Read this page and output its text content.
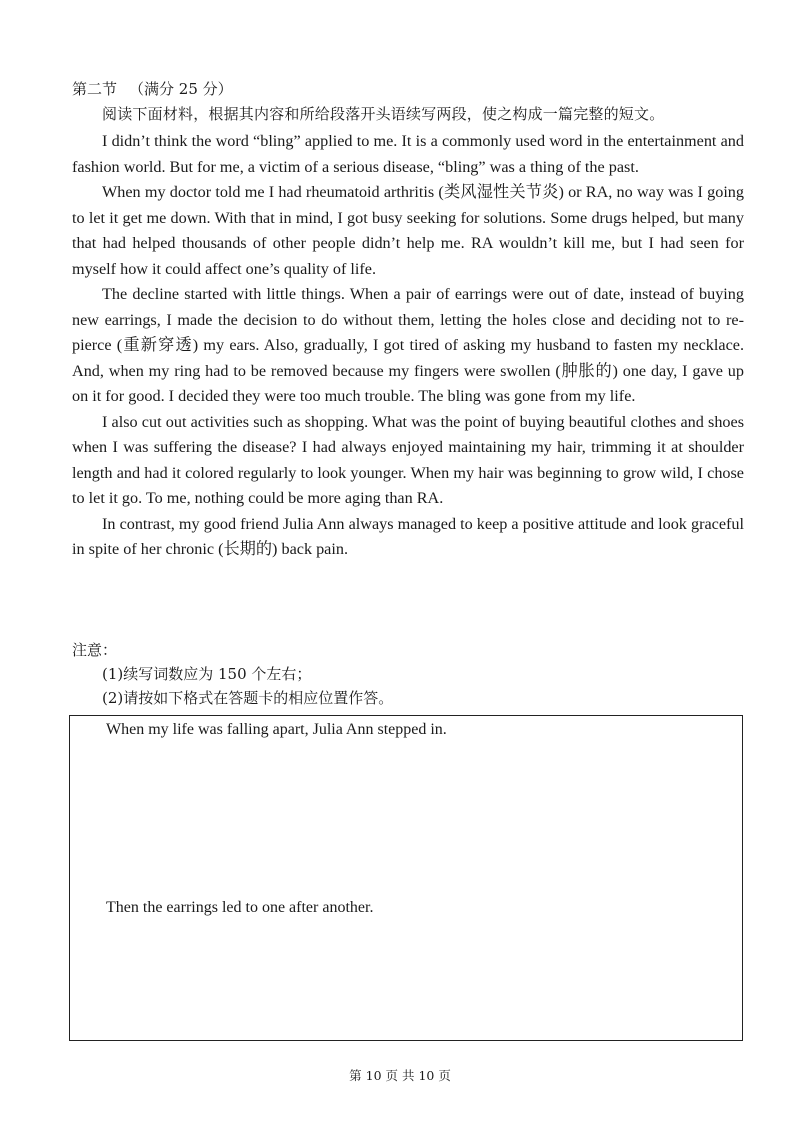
第二节 （满分 25 分）
阅读下面材料，根据其内容和所给段落开头语续写两段，使之构成一篇完整的短文。

I didn’t think the word “bling” applied to me. It is a commonly used word in the entertainment and fashion world. But for me, a victim of a serious disease, “bling” was a thing of the past.

When my doctor told me I had rheumatoid arthritis (类风湿性关节炎) or RA, no way was I going to let it get me down. With that in mind, I got busy seeking for solutions. Some drugs helped, but many that had helped thousands of other people didn’t help me. RA wouldn’t kill me, but I had seen for myself how it could affect one’s quality of life.

The decline started with little things. When a pair of earrings were out of date, instead of buying new earrings, I made the decision to do without them, letting the holes close and deciding not to re-pierce (重新穿透) my ears. Also, gradually, I got tired of asking my husband to fasten my necklace. And, when my ring had to be removed because my fingers were swollen (肿胀的) one day, I gave up on it for good. I decided they were too much trouble. The bling was gone from my life.

I also cut out activities such as shopping. What was the point of buying beautiful clothes and shoes when I was suffering the disease? I had always enjoyed maintaining my hair, trimming it at shoulder length and had it colored regularly to look younger. When my hair was beginning to grow wild, I chose to let it go. To me, nothing could be more aging than RA.

In contrast, my good friend Julia Ann always managed to keep a positive attitude and look graceful in spite of her chronic (长期的) back pain.

注意：
(1)续写词数应为 150 个左右；
(2)请按如下格式在答题卡的相应位置作答。
When my life was falling apart, Julia Ann stepped in.
Then the earrings led to one after another.
第 10 页 共 10 页
